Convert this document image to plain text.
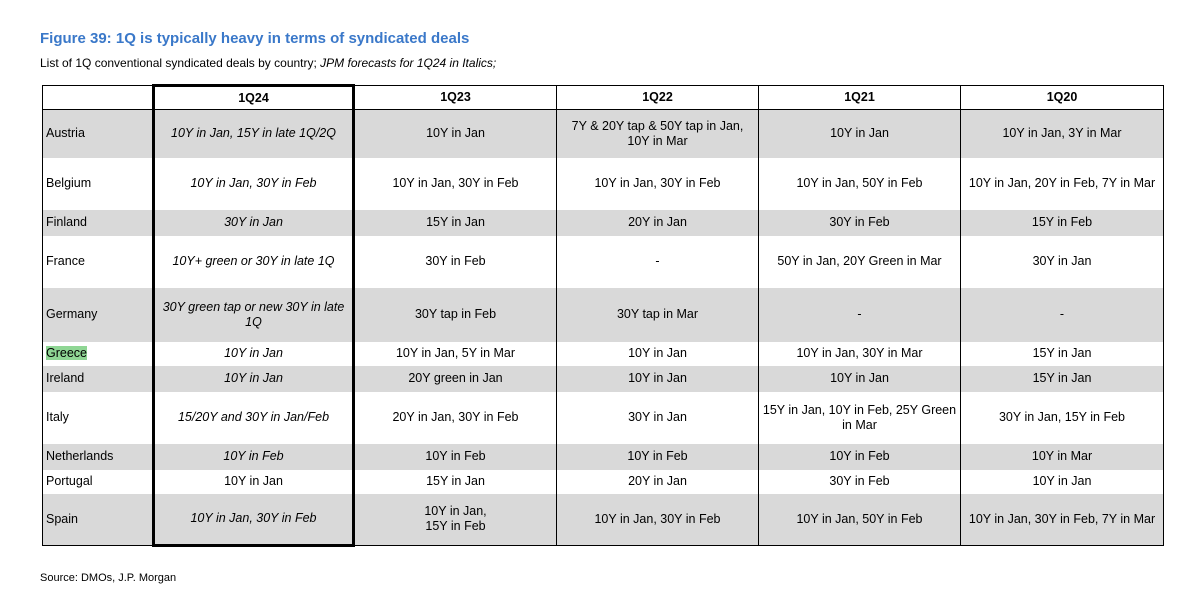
Figure 39: 1Q is typically heavy in terms of syndicated deals
List of 1Q conventional syndicated deals by country; JPM forecasts for 1Q24 in Italics;
	1Q24	1Q23	1Q22	1Q21	1Q20
Austria	10Y in Jan, 15Y in late 1Q/2Q	10Y in Jan	7Y & 20Y tap & 50Y tap in Jan, 10Y in Mar	10Y in Jan	10Y in Jan, 3Y in Mar
Belgium	10Y in Jan, 30Y in Feb	10Y in Jan, 30Y in Feb	10Y in Jan, 30Y in Feb	10Y in Jan, 50Y in Feb	10Y in Jan, 20Y in Feb, 7Y in Mar
Finland	30Y in Jan	15Y in Jan	20Y in Jan	30Y in Feb	15Y in Feb
France	10Y+ green or 30Y in late 1Q	30Y in Feb	-	50Y in Jan, 20Y Green in Mar	30Y in Jan
Germany	30Y green tap or new 30Y in late 1Q	30Y tap in Feb	30Y tap in Mar	-	-
Greece	10Y in Jan	10Y in Jan, 5Y in Mar	10Y in Jan	10Y in Jan, 30Y in Mar	15Y in Jan
Ireland	10Y in Jan	20Y green in Jan	10Y in Jan	10Y in Jan	15Y in Jan
Italy	15/20Y and 30Y in Jan/Feb	20Y in Jan, 30Y in Feb	30Y in Jan	15Y in Jan, 10Y in Feb, 25Y Green in Mar	30Y in Jan, 15Y in Feb
Netherlands	10Y in Feb	10Y in Feb	10Y in Feb	10Y in Feb	10Y in Mar
Portugal	10Y in Jan	15Y in Jan	20Y in Jan	30Y in Feb	10Y in Jan
Spain	10Y in Jan, 30Y in Feb	10Y in Jan,
15Y in Feb	10Y in Jan, 30Y in Feb	10Y in Jan, 50Y in Feb	10Y in Jan, 30Y in Feb, 7Y in Mar
Source: DMOs, J.P. Morgan
